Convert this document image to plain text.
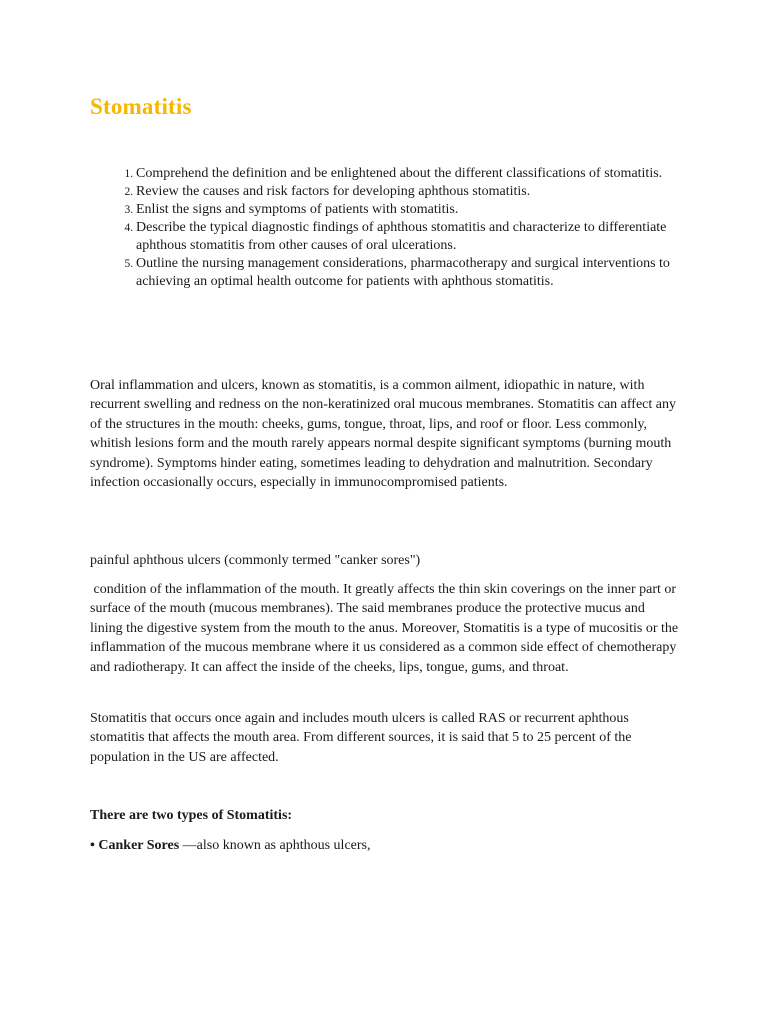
Stomatitis
1. Comprehend the definition and be enlightened about the different classifications of stomatitis.
2. Review the causes and risk factors for developing aphthous stomatitis.
3. Enlist the signs and symptoms of patients with stomatitis.
4. Describe the typical diagnostic findings of aphthous stomatitis and characterize to differentiate aphthous stomatitis from other causes of oral ulcerations.
5. Outline the nursing management considerations, pharmacotherapy and surgical interventions to achieving an optimal health outcome for patients with aphthous stomatitis.

Oral inflammation and ulcers, known as stomatitis, is a common ailment, idiopathic in nature, with recurrent swelling and redness on the non-keratinized oral mucous membranes. Stomatitis can affect any of the structures in the mouth: cheeks, gums, tongue, throat, lips, and roof or floor. Less commonly, whitish lesions form and the mouth rarely appears normal despite significant symptoms (burning mouth syndrome). Symptoms hinder eating, sometimes leading to dehydration and malnutrition. Secondary infection occasionally occurs, especially in immunocompromised patients.

painful aphthous ulcers (commonly termed "canker sores")

condition of the inflammation of the mouth. It greatly affects the thin skin coverings on the inner part or surface of the mouth (mucous membranes). The said membranes produce the protective mucus and lining the digestive system from the mouth to the anus. Moreover, Stomatitis is a type of mucositis or the inflammation of the mucous membrane where it us considered as a common side effect of chemotherapy and radiotherapy. It can affect the inside of the cheeks, lips, tongue, gums, and throat.

Stomatitis that occurs once again and includes mouth ulcers is called RAS or recurrent aphthous stomatitis that affects the mouth area. From different sources, it is said that 5 to 25 percent of the population in the US are affected.

There are two types of Stomatitis:

• Canker Sores —also known as aphthous ulcers,
